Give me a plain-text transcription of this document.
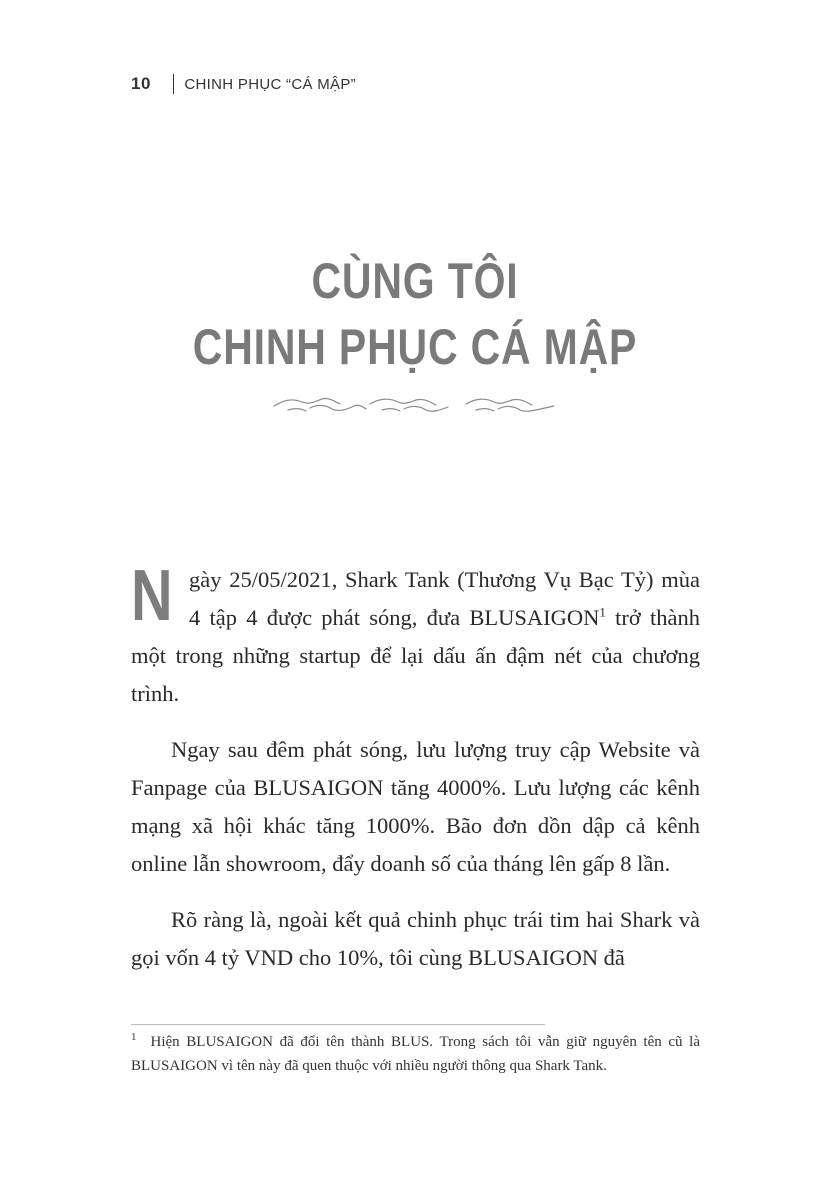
10 CHINH PHỤC “CÁ MẬP”
CÙNG TÔI
CHINH PHỤC CÁ MẬP

Ngày 25/05/2021, Shark Tank (Thương Vụ Bạc Tỷ) mùa 4 tập 4 được phát sóng, đưa BLUSAIGON$^1$ trở thành một trong những startup để lại dấu ấn đậm nét của chương trình.

Ngay sau đêm phát sóng, lưu lượng truy cập Website và Fanpage của BLUSAIGON tăng 4000%. Lưu lượng các kênh mạng xã hội khác tăng 1000%. Bão đơn dồn dập cả kênh online lẫn showroom, đẩy doanh số của tháng lên gấp 8 lần.

Rõ ràng là, ngoài kết quả chinh phục trái tim hai Shark và gọi vốn 4 tỷ VND cho 10%, tôi cùng BLUSAIGON đã

$^1$ Hiện BLUSAIGON đã đổi tên thành BLUS. Trong sách tôi vẫn giữ nguyên tên cũ là BLUSAIGON vì tên này đã quen thuộc với nhiều người thông qua Shark Tank.
